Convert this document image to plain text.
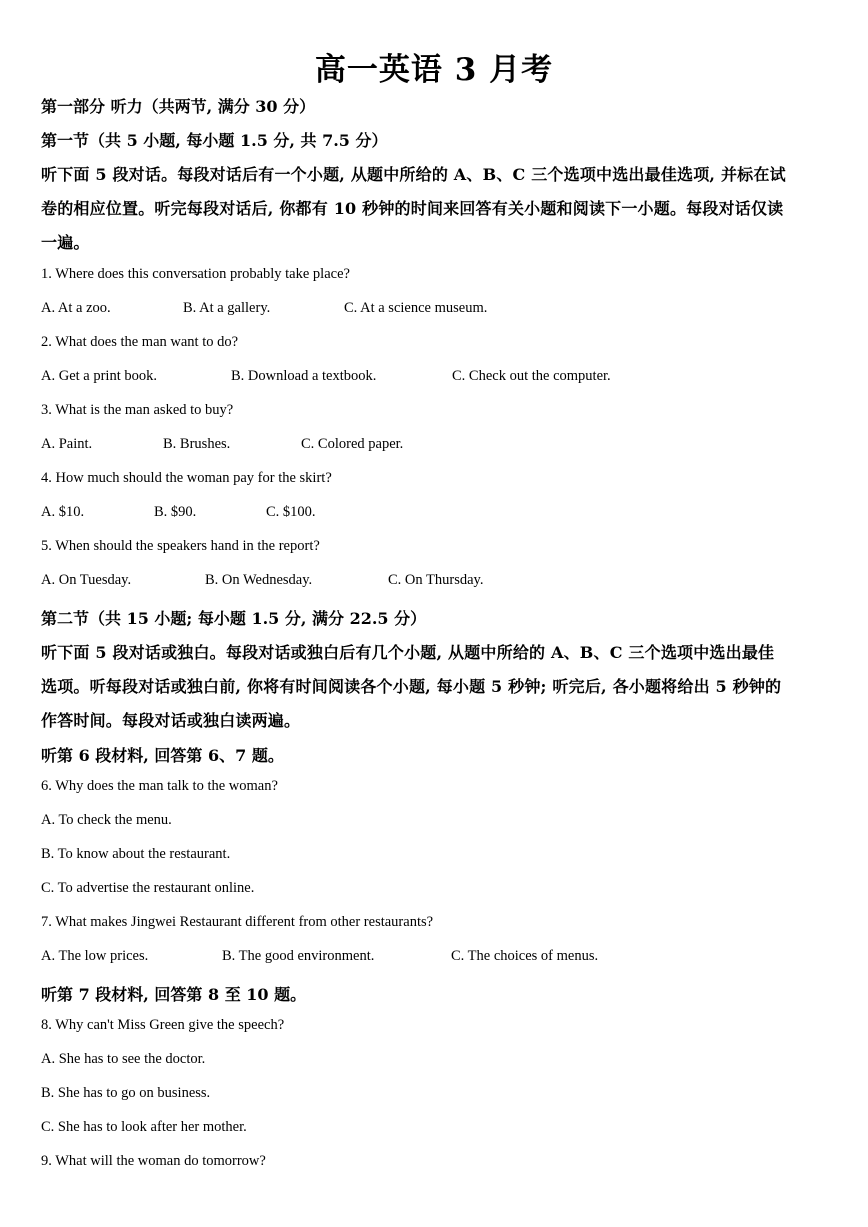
高一英语 3 月考
第一部分 听力（共两节, 满分 30 分）
第一节（共 5 小题, 每小题 1.5 分, 共 7.5 分）
听下面 5 段对话。每段对话后有一个小题, 从题中所给的 A、B、C 三个选项中选出最佳选项, 并标在试
卷的相应位置。听完每段对话后, 你都有 10 秒钟的时间来回答有关小题和阅读下一小题。每段对话仅读
一遍。
1. Where does this conversation probably take place?
A. At a zoo.	B. At a gallery.	C. At a science museum.
2. What does the man want to do?
A. Get a print book.	B. Download a textbook.	C. Check out the computer.
3. What is the man asked to buy?
A. Paint.	B. Brushes.	C. Colored paper.
4. How much should the woman pay for the skirt?
A. $10.	B. $90.	C. $100.
5. When should the speakers hand in the report?
A. On Tuesday.	B. On Wednesday.	C. On Thursday.
第二节（共 15 小题; 每小题 1.5 分, 满分 22.5 分）
听下面 5 段对话或独白。每段对话或独白后有几个小题, 从题中所给的 A、B、C 三个选项中选出最佳
选项。听每段对话或独白前, 你将有时间阅读各个小题, 每小题 5 秒钟; 听完后, 各小题将给出 5 秒钟的
作答时间。每段对话或独白读两遍。
听第 6 段材料, 回答第 6、7 题。
6. Why does the man talk to the woman?
A. To check the menu.
B. To know about the restaurant.
C. To advertise the restaurant online.
7. What makes Jingwei Restaurant different from other restaurants?
A. The low prices.	B. The good environment.	C. The choices of menus.
听第 7 段材料, 回答第 8 至 10 题。
8. Why can't Miss Green give the speech?
A. She has to see the doctor.
B. She has to go on business.
C. She has to look after her mother.
9. What will the woman do tomorrow?
